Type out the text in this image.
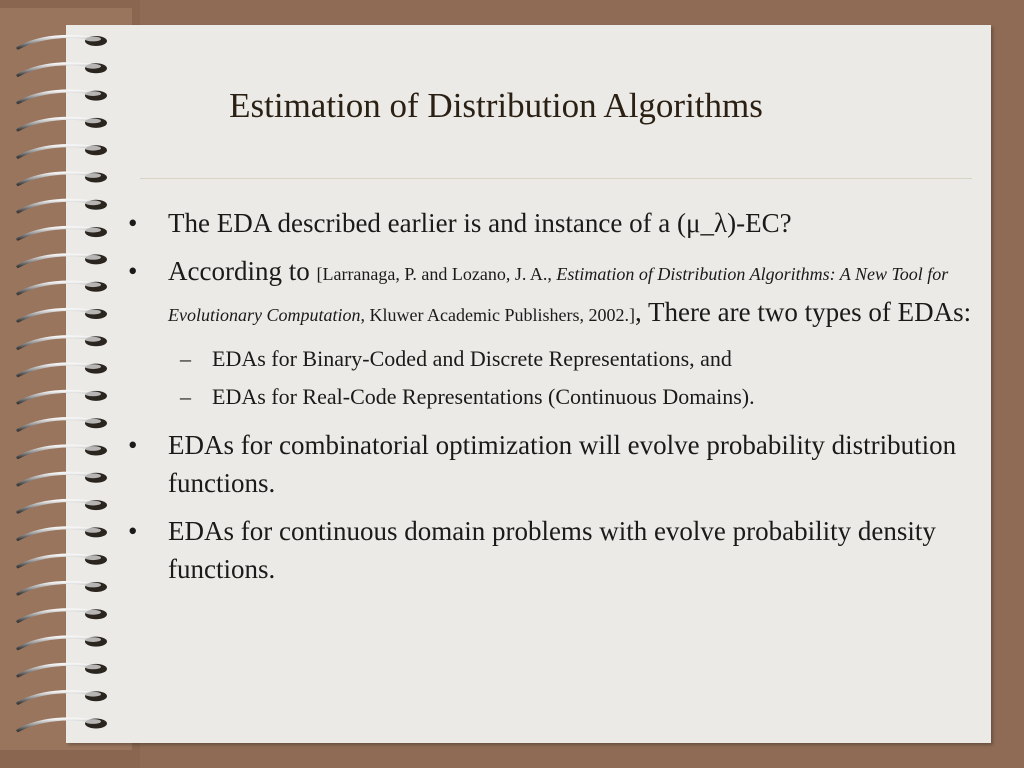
Estimation of Distribution Algorithms
• The EDA described earlier is and instance of a (μ_λ)-EC?
• According to [Larranaga, P. and Lozano, J. A., Estimation of Distribution Algorithms: A New Tool for Evolutionary Computation, Kluwer Academic Publishers, 2002.], There are two types of EDAs:
– EDAs for Binary-Coded and Discrete Representations, and
– EDAs for Real-Code Representations (Continuous Domains).
• EDAs for combinatorial optimization will evolve probability distribution functions.
• EDAs for continuous domain problems with evolve probability density functions.
